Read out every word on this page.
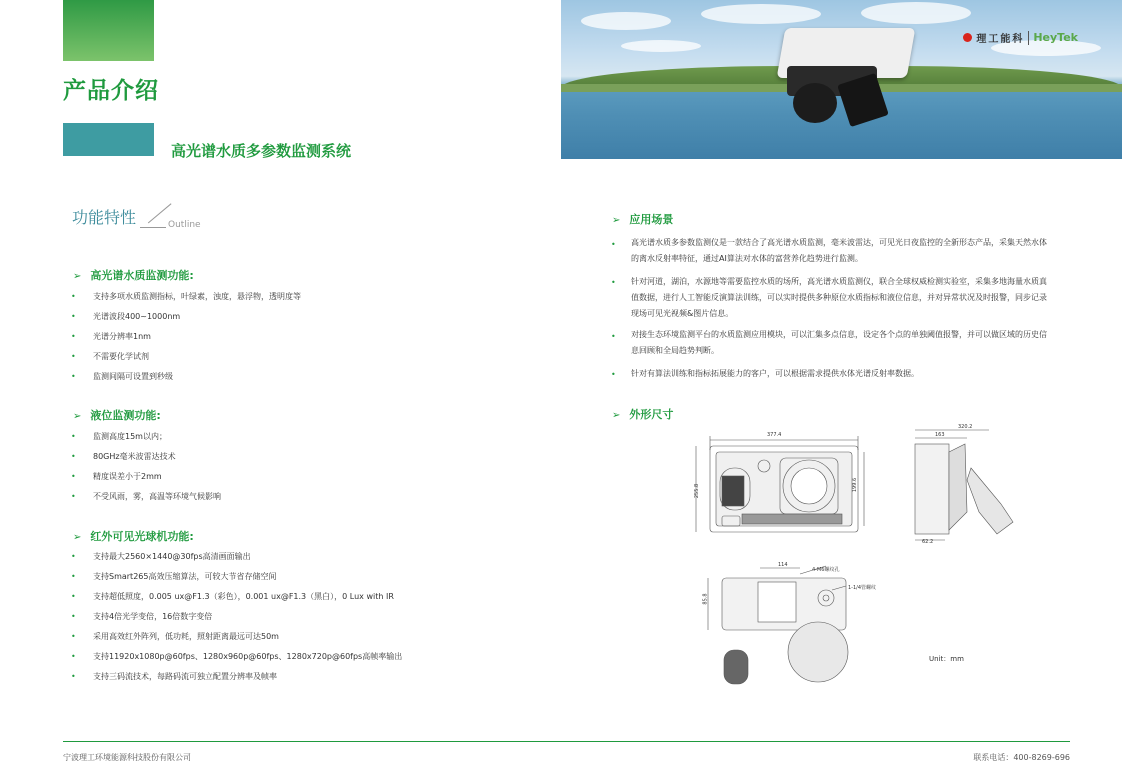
产品介绍
高光谱水质多参数监测系统
理工能科 HeyTek
功能特性	Outline
➢ 高光谱水质监测功能:
• 支持多项水质监测指标，叶绿素，浊度，悬浮物，透明度等
• 光谱波段400~1000nm
• 光谱分辨率1nm
• 不需要化学试剂
• 监测间隔可设置到秒级
➢ 液位监测功能:
• 监测高度15m以内；
• 80GHz毫米波雷达技术
• 精度误差小于2mm
• 不受风雨，雾，高温等环境气候影响
➢ 红外可见光球机功能:
• 支持最大2560×1440@30fps高清画面输出
• 支持Smart265高效压缩算法，可较大节省存储空间
• 支持超低照度，0.005 ux@F1.3（彩色），0.001 ux@F1.3（黑白），0 Lux with IR
• 支持4倍光学变倍，16倍数字变倍
• 采用高效红外阵列，低功耗，照射距离最远可达50m
• 支持11920x1080p@60fps、1280x960p@60fps、1280x720p@60fps高帧率输出
• 支持三码流技术，每路码流可独立配置分辨率及帧率
➢ 应用场景
• 高光谱水质多参数监测仪是一款结合了高光谱水质监测，毫米波雷达，可见光日夜监控的全新形态产品，采集天然水体的离水反射率特征，通过AI算法对水体的富营养化趋势进行监测。
• 针对河道，湖泊，水源地等需要监控水质的场所，高光谱水质监测仪，联合全球权威检测实验室，采集多地海量水质真值数据，进行人工智能反演算法训练，可以实时提供多种原位水质指标和液位信息，并对异常状况及时报警，同步记录现场可见光视频&图片信息。
• 对接生态环境监测平台的水质监测应用模块，可以汇集多点信息，设定各个点的单独阈值报警，并可以做区域的历史信息回顾和全局趋势判断。
• 针对有算法训练和指标拓展能力的客户，可以根据需求提供水体光谱反射率数据。
➢ 外形尺寸
377.4
255.8	199.6
320.2
163
62.2
114
85.8
4-M6螺纹孔
1-1/4管螺纹
Unit：mm
宁波理工环境能源科技股份有限公司	联系电话：400-8269-696
